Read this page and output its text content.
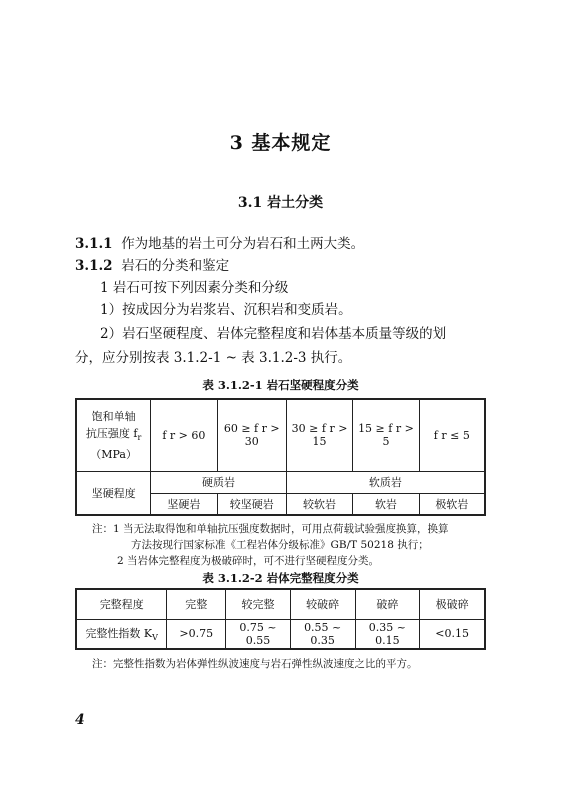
3 基本规定
3.1 岩土分类
3.1.1 作为地基的岩土可分为岩石和土两大类。
3.1.2 岩石的分类和鉴定
1 岩石可按下列因素分类和分级
1）按成因分为岩浆岩、沉积岩和变质岩。
2）岩石坚硬程度、岩体完整程度和岩体基本质量等级的划
分，应分别按表 3.1.2-1 ~ 表 3.1.2-3 执行。
表 3.1.2-1 岩石坚硬程度分类
饱和单轴
抗压强度 $f_r$
（MPa）	f r > 60	60 ≥ f r > 30	30 ≥ f r > 15	15 ≥ f r > 5	f r ≤ 5
坚硬程度	硬质岩		软质岩		
	坚硬岩	较坚硬岩	较软岩	软岩	极软岩
注：1 当无法取得饱和单轴抗压强度数据时，可用点荷载试验强度换算，换算
方法按现行国家标准《工程岩体分级标准》GB/T 50218 执行；
2 当岩体完整程度为极破碎时，可不进行坚硬程度分类。
表 3.1.2-2 岩体完整程度分类
完整程度	完整	较完整	较破碎	破碎	极破碎
完整性指数 $K_V$	>0.75	0.75 ~ 0.55	0.55 ~ 0.35	0.35 ~ 0.15	<0.15
注：完整性指数为岩体弹性纵波速度与岩石弹性纵波速度之比的平方。
4
